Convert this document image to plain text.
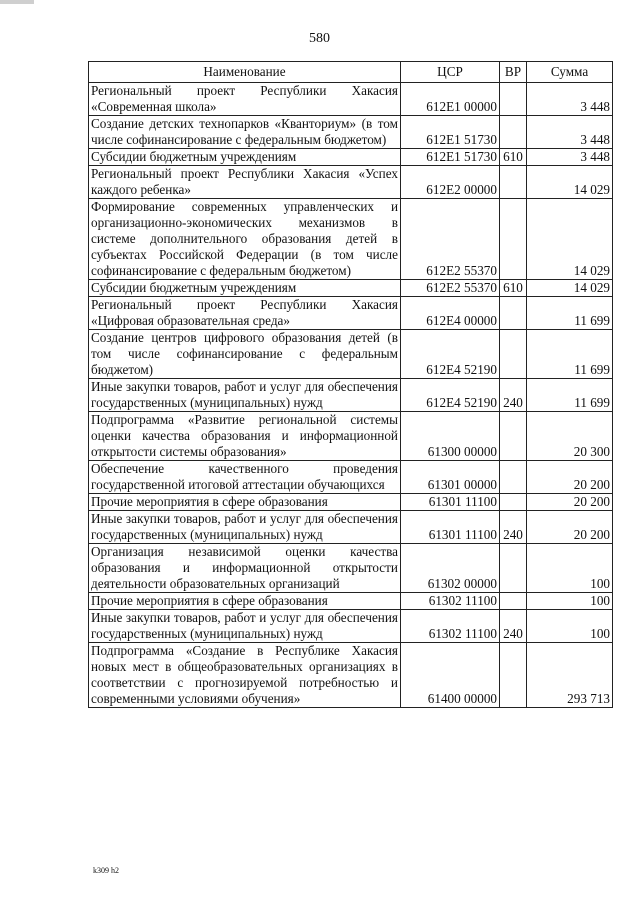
580
Наименование	ЦСР	ВР	Сумма
Региональный проект Республики Хакасия «Современная школа»	612E1 00000		3 448
Создание детских технопарков «Кванториум» (в том числе софинансирование с федеральным бюджетом)	612E1 51730		3 448
Субсидии бюджетным учреждениям	612E1 51730	610	3 448
Региональный проект Республики Хакасия «Успех каждого ребенка»	612E2 00000		14 029
Формирование современных управленческих и организационно-экономических механизмов в системе дополнительного образования детей в субъектах Российской Федерации (в том числе софинансирование с федеральным бюджетом)	612E2 55370		14 029
Субсидии бюджетным учреждениям	612E2 55370	610	14 029
Региональный проект Республики Хакасия «Цифровая образовательная среда»	612E4 00000		11 699
Создание центров цифрового образования детей (в том числе софинансирование с федеральным бюджетом)	612E4 52190		11 699
Иные закупки товаров, работ и услуг для обеспечения государственных (муниципальных) нужд	612E4 52190	240	11 699
Подпрограмма «Развитие региональной системы оценки качества образования и информационной открытости системы образования»	61300 00000		20 300
Обеспечение качественного проведения государственной итоговой аттестации обучающихся	61301 00000		20 200
Прочие мероприятия в сфере образования	61301 11100		20 200
Иные закупки товаров, работ и услуг для обеспечения государственных (муниципальных) нужд	61301 11100	240	20 200
Организация независимой оценки качества образования и информационной открытости деятельности образовательных организаций	61302 00000		100
Прочие мероприятия в сфере образования	61302 11100		100
Иные закупки товаров, работ и услуг для обеспечения государственных (муниципальных) нужд	61302 11100	240	100
Подпрограмма «Создание в Республике Хакасия новых мест в общеобразовательных организациях в соответствии с прогнозируемой потребностью и современными условиями обучения»	61400 00000		293 713
k309 h2
